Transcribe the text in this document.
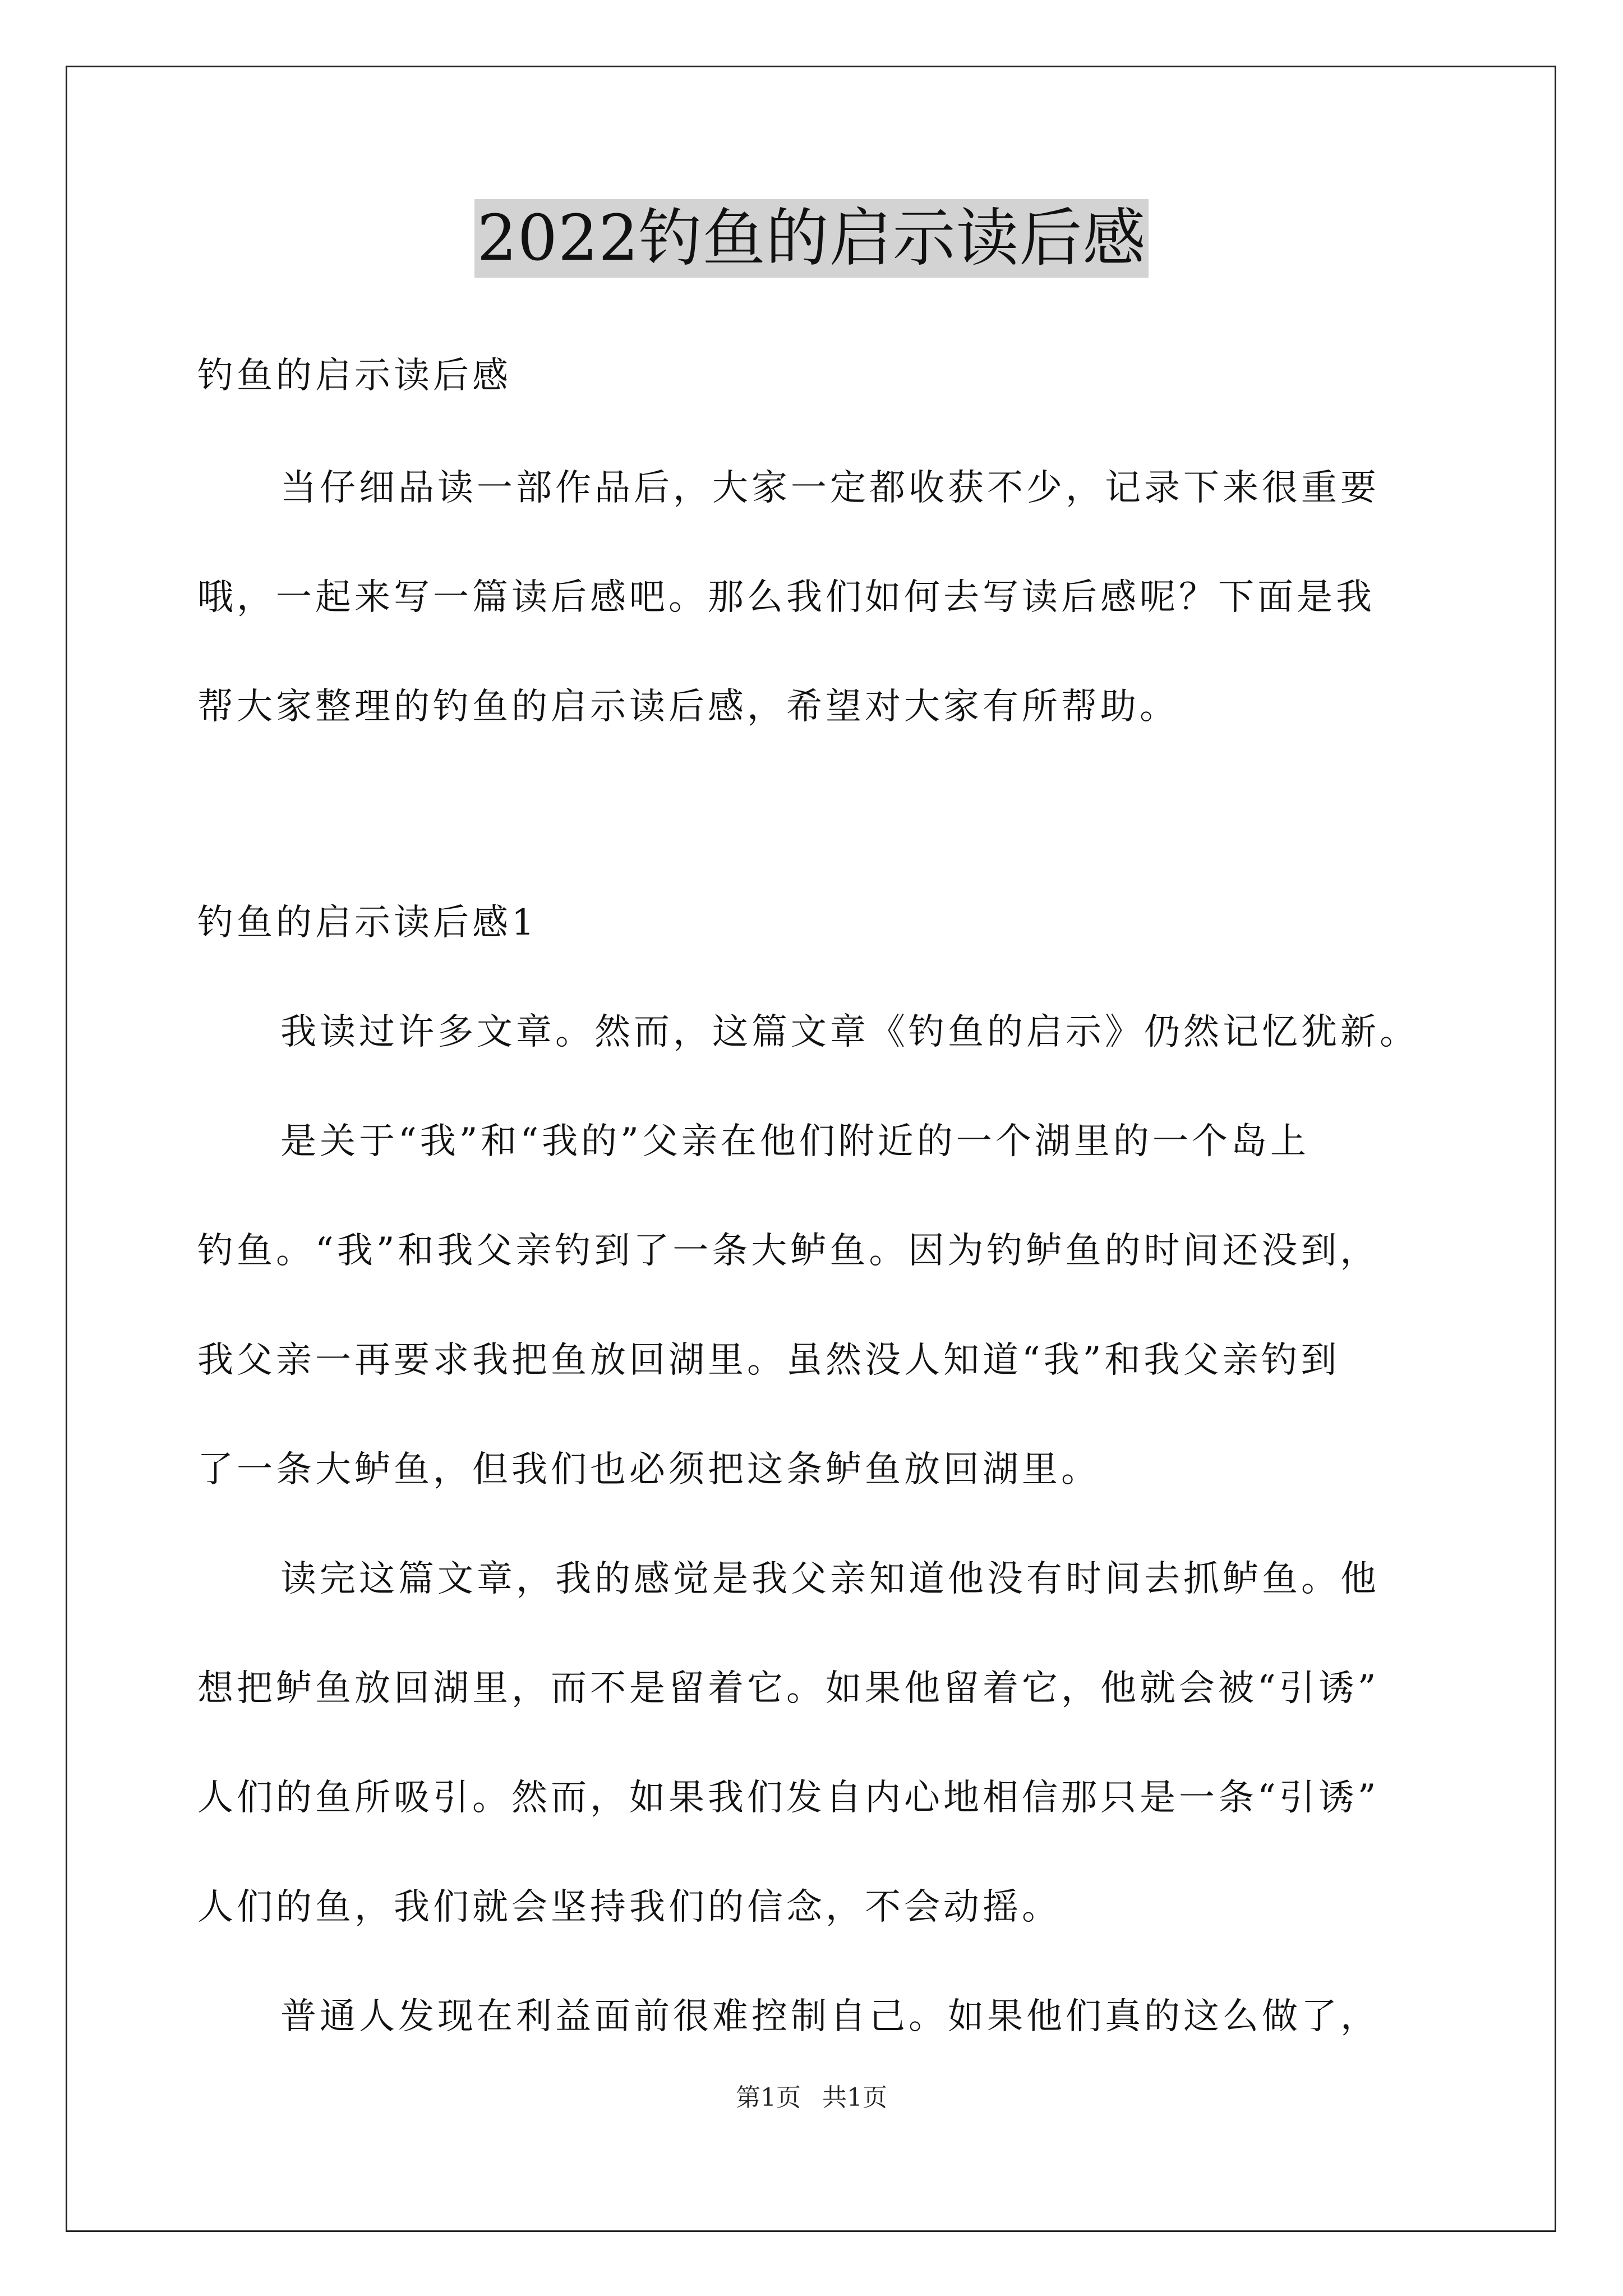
2022钓鱼的启示读后感
钓鱼的启示读后感
当仔细品读一部作品后，大家一定都收获不少，记录下来很重要
哦，一起来写一篇读后感吧。那么我们如何去写读后感呢？下面是我
帮大家整理的钓鱼的启示读后感，希望对大家有所帮助。
钓鱼的启示读后感1
我读过许多文章。然而，这篇文章《钓鱼的启示》仍然记忆犹新。
是关于“我”和“我的”父亲在他们附近的一个湖里的一个岛上
钓鱼。“我”和我父亲钓到了一条大鲈鱼。因为钓鲈鱼的时间还没到，
我父亲一再要求我把鱼放回湖里。虽然没人知道“我”和我父亲钓到
了一条大鲈鱼，但我们也必须把这条鲈鱼放回湖里。
读完这篇文章，我的感觉是我父亲知道他没有时间去抓鲈鱼。他
想把鲈鱼放回湖里，而不是留着它。如果他留着它，他就会被“引诱”
人们的鱼所吸引。然而，如果我们发自内心地相信那只是一条“引诱”
人们的鱼，我们就会坚持我们的信念，不会动摇。
普通人发现在利益面前很难控制自己。如果他们真的这么做了，
第1页 共1页
